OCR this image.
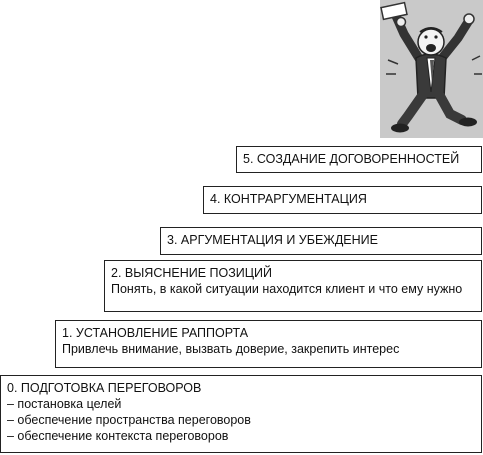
5. СОЗДАНИЕ ДОГОВОРЕННОСТЕЙ
4. КОНТРАРГУМЕНТАЦИЯ
3. АРГУМЕНТАЦИЯ И УБЕЖДЕНИЕ
2. ВЫЯСНЕНИЕ ПОЗИЦИЙ
Понять, в какой ситуации находится клиент и что ему нужно
1. УСТАНОВЛЕНИЕ РАППОРТА
Привлечь внимание, вызвать доверие, закрепить интерес
0. ПОДГОТОВКА ПЕРЕГОВОРОВ
– постановка целей
– обеспечение пространства переговоров
– обеспечение контекста переговоров
